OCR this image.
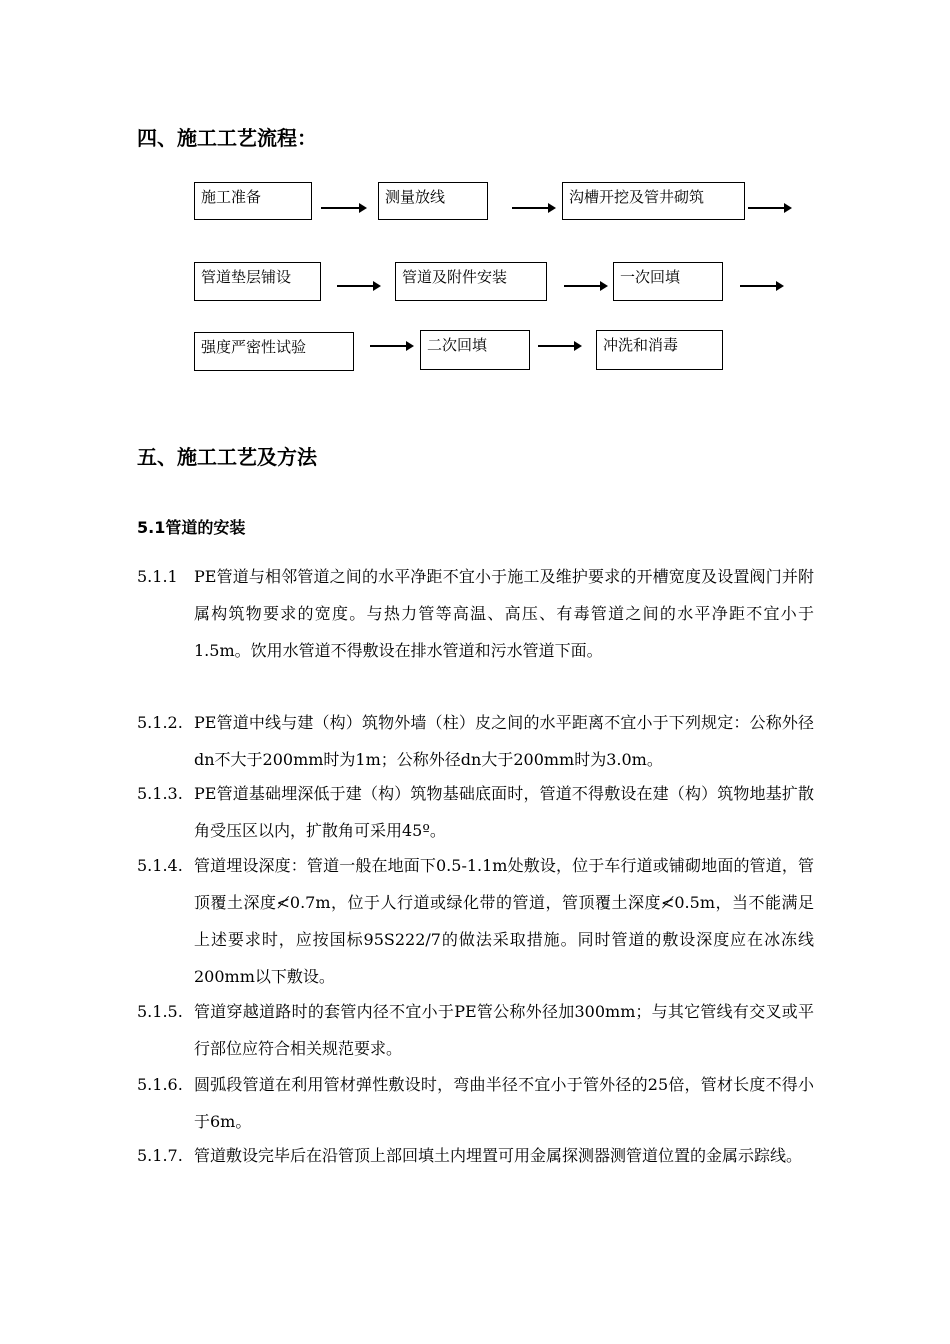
四、施工工艺流程：
施工准备	测量放线	沟槽开挖及管井砌筑
管道垫层铺设	管道及附件安装	一次回填
强度严密性试验	二次回填	冲洗和消毒
五、施工工艺及方法
5.1管道的安装
5.1.1 PE管道与相邻管道之间的水平净距不宜小于施工及维护要求的开槽宽度及设置阀门并附属构筑物要求的宽度。与热力管等高温、高压、有毒管道之间的水平净距不宜小于1.5m。饮用水管道不得敷设在排水管道和污水管道下面。
5.1.2. PE管道中线与建（构）筑物外墙（柱）皮之间的水平距离不宜小于下列规定：公称外径dn不大于200mm时为1m；公称外径dn大于200mm时为3.0m。
5.1.3. PE管道基础埋深低于建（构）筑物基础底面时，管道不得敷设在建（构）筑物地基扩散角受压区以内，扩散角可采用45º。
5.1.4. 管道埋设深度：管道一般在地面下0.5-1.1m处敷设，位于车行道或铺砌地面的管道，管顶覆土深度≮0.7m，位于人行道或绿化带的管道，管顶覆土深度≮0.5m，当不能满足上述要求时，应按国标95S222/7的做法采取措施。同时管道的敷设深度应在冰冻线200mm以下敷设。
5.1.5. 管道穿越道路时的套管内径不宜小于PE管公称外径加300mm；与其它管线有交叉或平行部位应符合相关规范要求。
5.1.6. 圆弧段管道在利用管材弹性敷设时，弯曲半径不宜小于管外径的25倍，管材长度不得小于6m。
5.1.7. 管道敷设完毕后在沿管顶上部回填土内埋置可用金属探测器测管道位置的金属示踪线。
